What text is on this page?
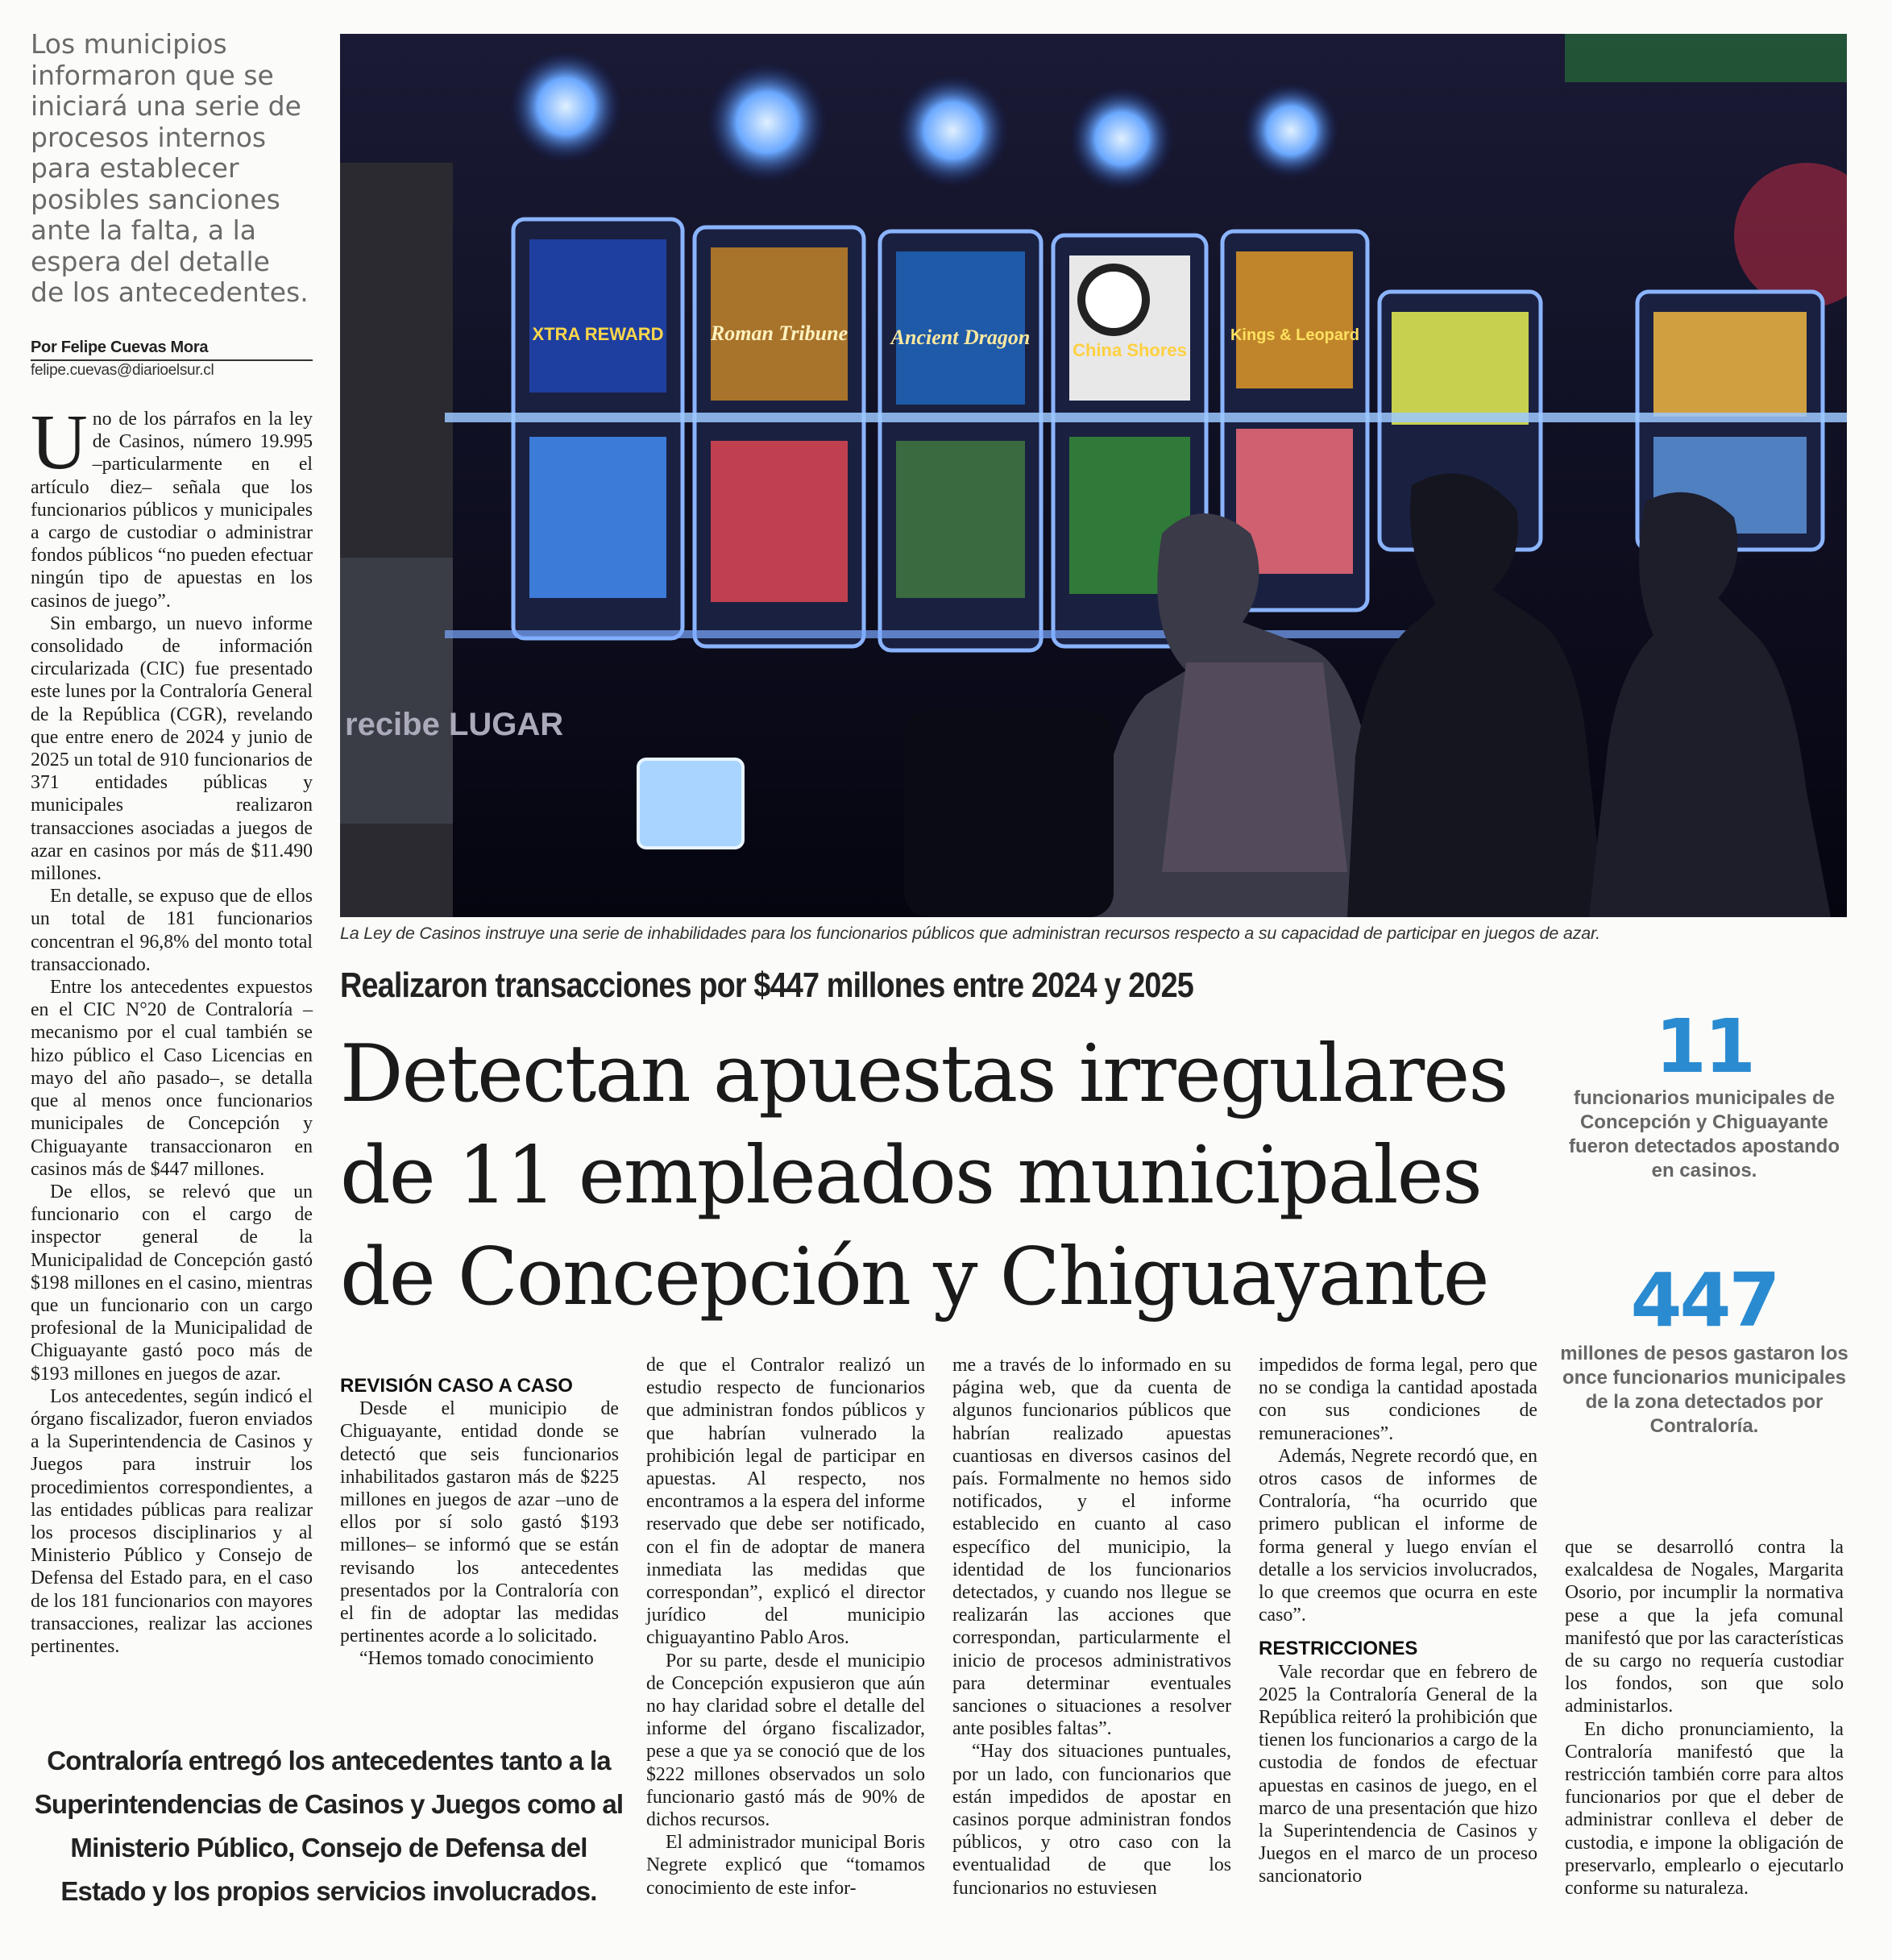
Los municipios informaron que se iniciará una serie de procesos internos para establecer posibles sanciones ante la falta, a la espera del detalle de los antecedentes.
Por Felipe Cuevas Mora
felipe.cuevas@diarioelsur.cl

Uno de los párrafos en la ley de Casinos, número 19.995 –particularmente en el artículo diez– señala que los funcionarios públicos y municipales a cargo de custodiar o administrar fondos públicos “no pueden efectuar ningún tipo de apuestas en los casinos de juego”.

Sin embargo, un nuevo informe consolidado de información circularizada (CIC) fue presentado este lunes por la Contraloría General de la República (CGR), revelando que entre enero de 2024 y junio de 2025 un total de 910 funcionarios de 371 entidades públicas y municipales realizaron transacciones asociadas a juegos de azar en casinos por más de $11.490 millones.

En detalle, se expuso que de ellos un total de 181 funcionarios concentran el 96,8% del monto total transaccionado.

Entre los antecedentes expuestos en el CIC N°20 de Contraloría –mecanismo por el cual también se hizo público el Caso Licencias en mayo del año pasado–, se detalla que al menos once funcionarios municipales de Concepción y Chiguayante transaccionaron en casinos más de $447 millones.

De ellos, se relevó que un funcionario con el cargo de inspector general de la Municipalidad de Concepción gastó $198 millones en el casino, mientras que un funcionario con un cargo profesional de la Municipalidad de Chiguayante gastó poco más de $193 millones en juegos de azar.

Los antecedentes, según indicó el órgano fiscalizador, fueron enviados a la Superintendencia de Casinos y Juegos para instruir los procedimientos correspondientes, a las entidades públicas para realizar los procesos disciplinarios y al Ministerio Público y Consejo de Defensa del Estado para, en el caso de los 181 funcionarios con mayores transacciones, realizar las acciones pertinentes.

recibe LUGAR
XTRA REWARD Roman Tribune Ancient Dragon
China Shores
Kings & Leopard
La Ley de Casinos instruye una serie de inhabilidades para los funcionarios públicos que administran recursos respecto a su capacidad de participar en juegos de azar.
Realizaron transacciones por $447 millones entre 2024 y 2025
Detectan apuestas irregulares de 11 empleados municipales de Concepción y Chiguayante
11
funcionarios municipales de Concepción y Chiguayante fueron detectados apostando en casinos.
447
millones de pesos gastaron los once funcionarios municipales de la zona detectados por Contraloría.

REVISIÓN CASO A CASO

Desde el municipio de Chiguayante, entidad donde se detectó que seis funcionarios inhabilitados gastaron más de $225 millones en juegos de azar –uno de ellos por sí solo gastó $193 millones– se informó que se están revisando los antecedentes presentados por la Contraloría con el fin de adoptar las medidas pertinentes acorde a lo solicitado.

“Hemos tomado conocimiento

de que el Contralor realizó un estudio respecto de funcionarios que administran fondos públicos y que habrían vulnerado la prohibición legal de participar en apuestas. Al respecto, nos encontramos a la espera del informe reservado que debe ser notificado, con el fin de adoptar de manera inmediata las medidas que correspondan”, explicó el director jurídico del municipio chiguayantino Pablo Aros.

Por su parte, desde el municipio de Concepción expusieron que aún no hay claridad sobre el detalle del informe del órgano fiscalizador, pese a que ya se conoció que de los $222 millones observados un solo funcionario gastó más de 90% de dichos recursos.

El administrador municipal Boris Negrete explicó que “tomamos conocimiento de este infor-

me a través de lo informado en su página web, que da cuenta de algunos funcionarios públicos que habrían realizado apuestas cuantiosas en diversos casinos del país. Formalmente no hemos sido notificados, y el informe establecido en cuanto al caso específico del municipio, la identidad de los funcionarios detectados, y cuando nos llegue se realizarán las acciones que correspondan, particularmente el inicio de procesos administrativos para determinar eventuales sanciones o situaciones a resolver ante posibles faltas”.

“Hay dos situaciones puntuales, por un lado, con funcionarios que están impedidos de apostar en casinos porque administran fondos públicos, y otro caso con la eventualidad de que los funcionarios no estuviesen

impedidos de forma legal, pero que no se condiga la cantidad apostada con sus condiciones de remuneraciones”.

Además, Negrete recordó que, en otros casos de informes de Contraloría, “ha ocurrido que primero publican el informe de forma general y luego envían el detalle a los servicios involucrados, lo que creemos que ocurra en este caso”.

RESTRICCIONES

Vale recordar que en febrero de 2025 la Contraloría General de la República reiteró la prohibición que tienen los funcionarios a cargo de la custodia de fondos de efectuar apuestas en casinos de juego, en el marco de una presentación que hizo la Superintendencia de Casinos y Juegos en el marco de un proceso sancionatorio

que se desarrolló contra la exalcaldesa de Nogales, Margarita Osorio, por incumplir la normativa pese a que la jefa comunal manifestó que por las características de su cargo no requería custodiar los fondos, son que solo administarlos.

En dicho pronunciamiento, la Contraloría manifestó que la restricción también corre para altos funcionarios por que el deber de administrar conlleva el deber de custodia, e impone la obligación de preservarlo, emplearlo o ejecutarlo conforme su naturaleza.

Contraloría entregó los antecedentes tanto a la Superintendencias de Casinos y Juegos como al Ministerio Público, Consejo de Defensa del Estado y los propios servicios involucrados.
